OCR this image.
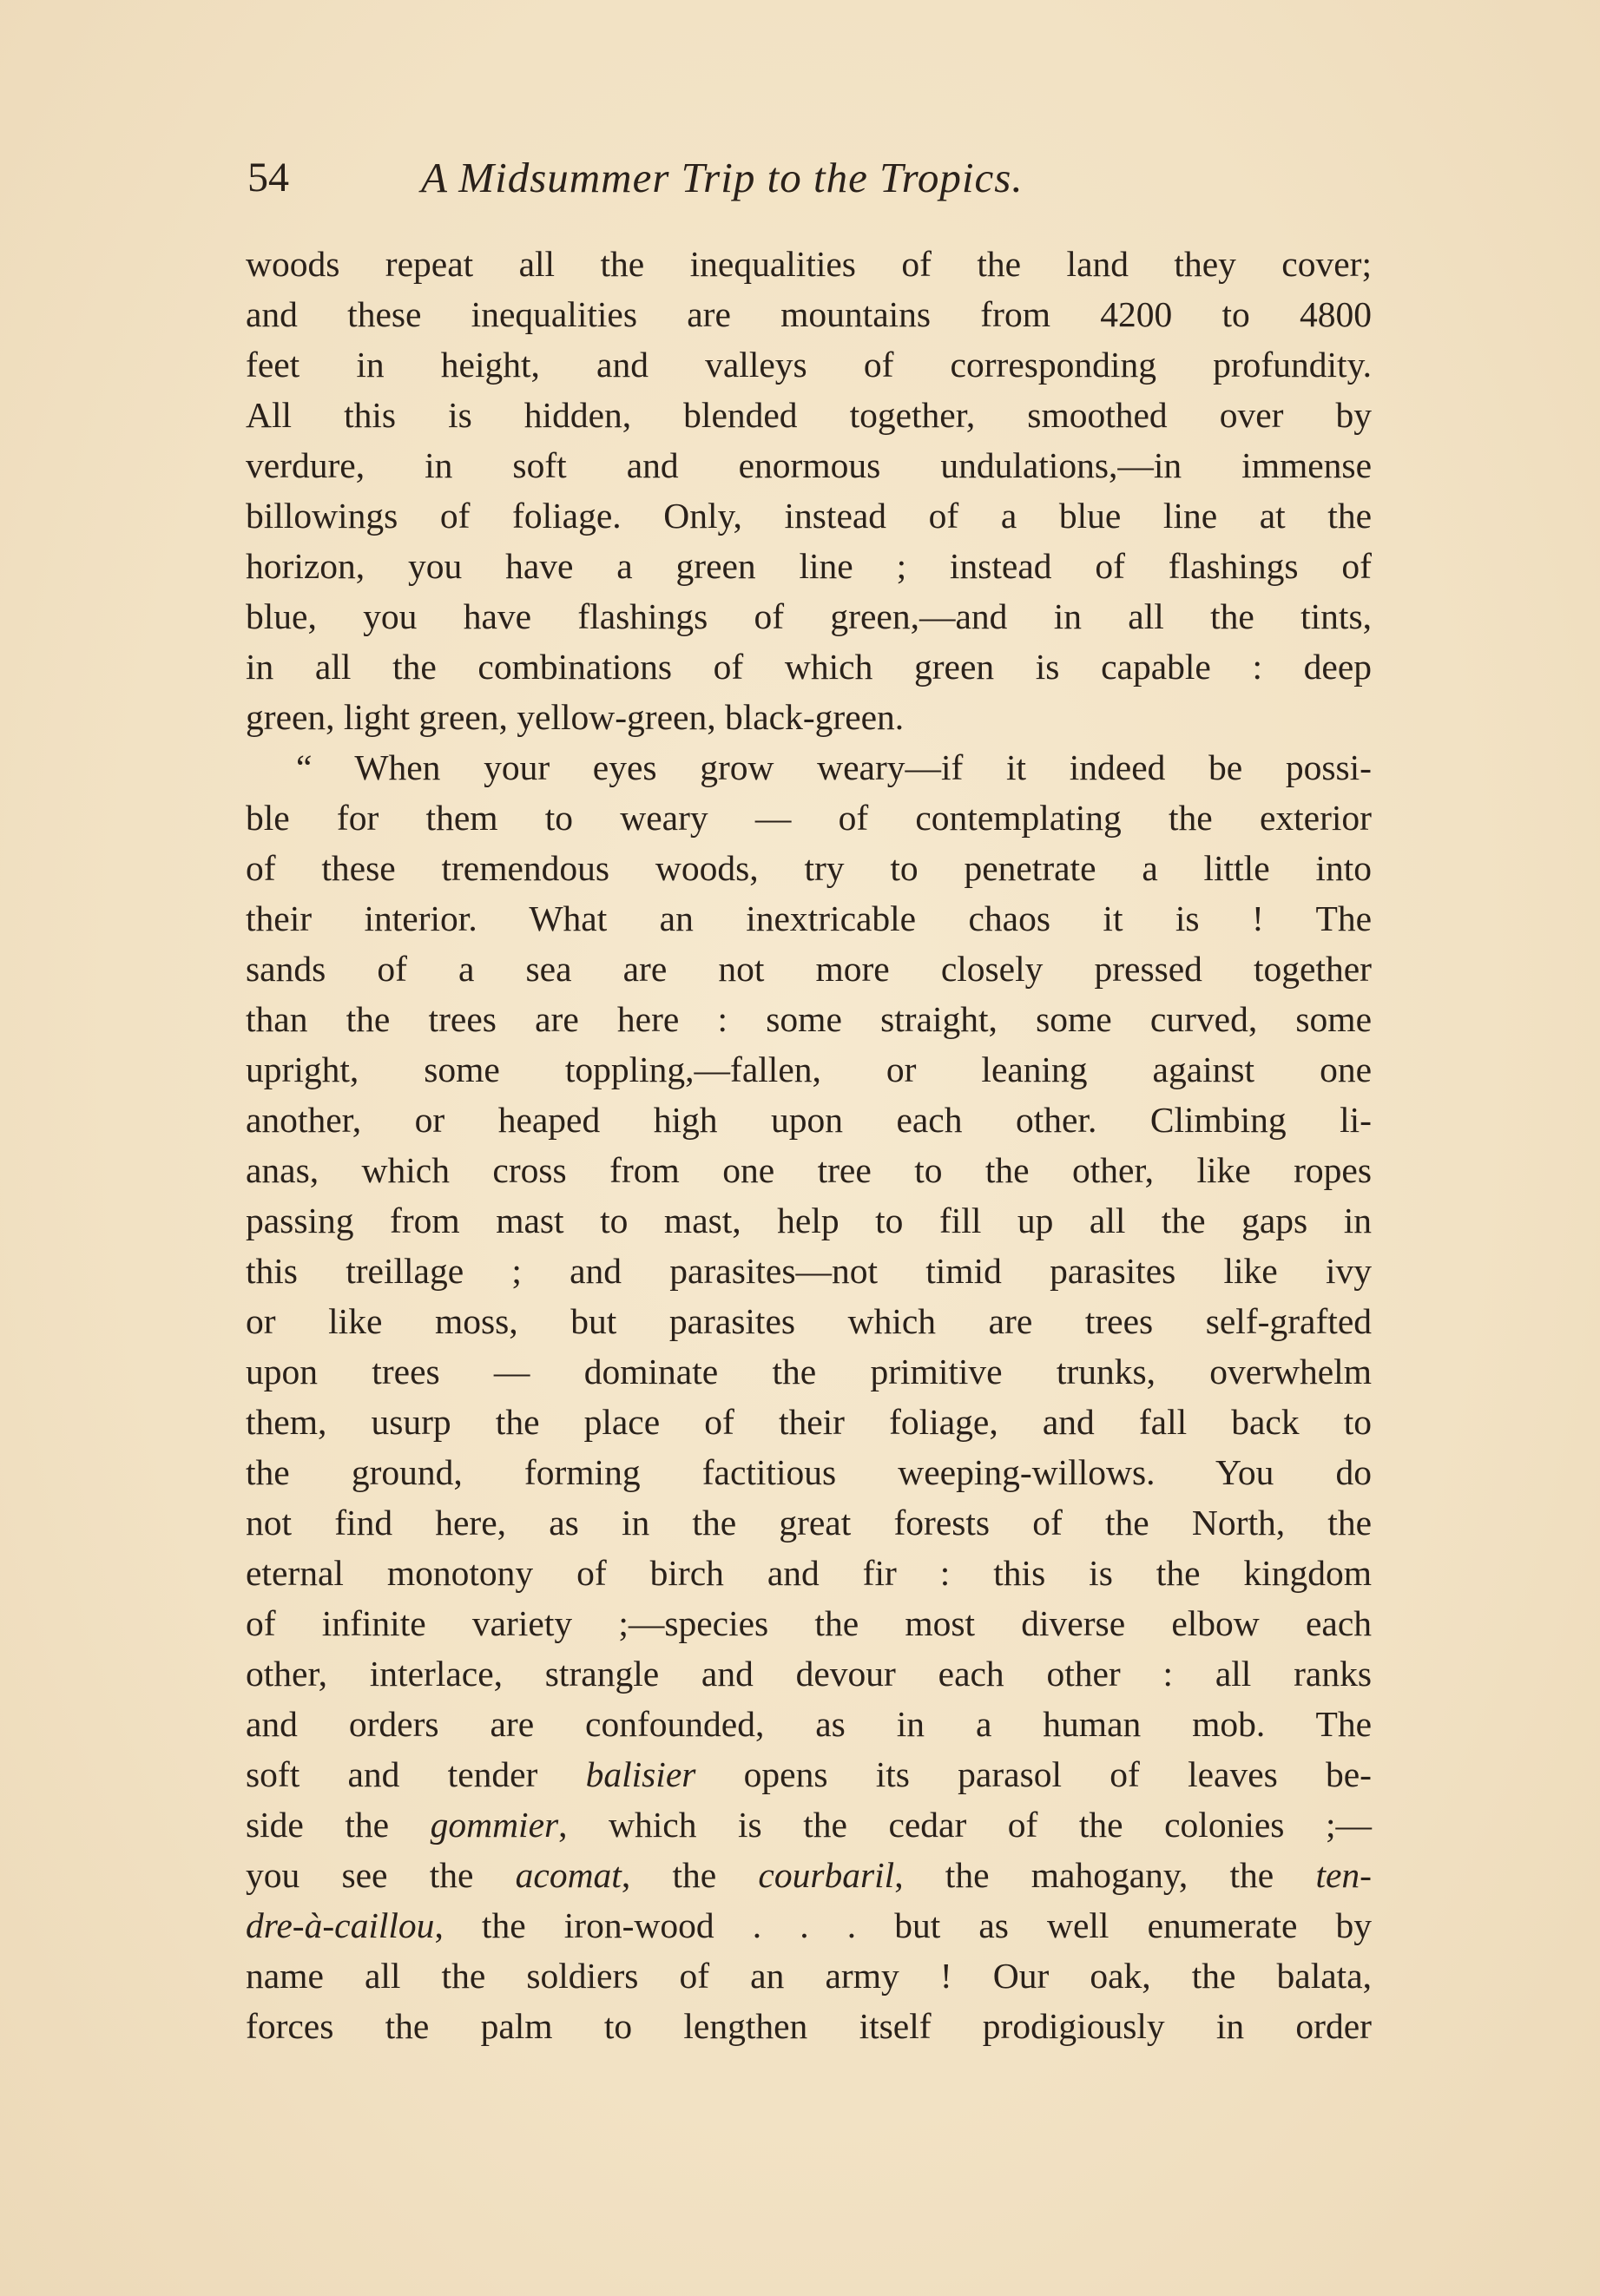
54	A Midsummer Trip to the Tropics.
woods repeat all the inequalities of the land they cover;
and these inequalities are mountains from 4200 to 4800
feet in height, and valleys of corresponding profundity.
All this is hidden, blended together, smoothed over by
verdure, in soft and enormous undulations,—in immense
billowings of foliage. Only, instead of a blue line at the
horizon, you have a green line ; instead of flashings of
blue, you have flashings of green,—and in all the tints,
in all the combinations of which green is capable : deep
green, light green, yellow-green, black-green.
“ When your eyes grow weary—if it indeed be possi-
ble for them to weary — of contemplating the exterior
of these tremendous woods, try to penetrate a little into
their interior. What an inextricable chaos it is ! The
sands of a sea are not more closely pressed together
than the trees are here : some straight, some curved, some
upright, some toppling,—fallen, or leaning against one
another, or heaped high upon each other. Climbing li-
anas, which cross from one tree to the other, like ropes
passing from mast to mast, help to fill up all the gaps in
this treillage ; and parasites—not timid parasites like ivy
or like moss, but parasites which are trees self-grafted
upon trees — dominate the primitive trunks, overwhelm
them, usurp the place of their foliage, and fall back to
the ground, forming factitious weeping-willows. You do
not find here, as in the great forests of the North, the
eternal monotony of birch and fir : this is the kingdom
of infinite variety ;—species the most diverse elbow each
other, interlace, strangle and devour each other : all ranks
and orders are confounded, as in a human mob. The
soft and tender balisier opens its parasol of leaves be-
side the gommier, which is the cedar of the colonies ;—
you see the acomat, the courbaril, the mahogany, the ten-
dre-à-caillou, the iron-wood . . . but as well enumerate by
name all the soldiers of an army ! Our oak, the balata,
forces the palm to lengthen itself prodigiously in order
